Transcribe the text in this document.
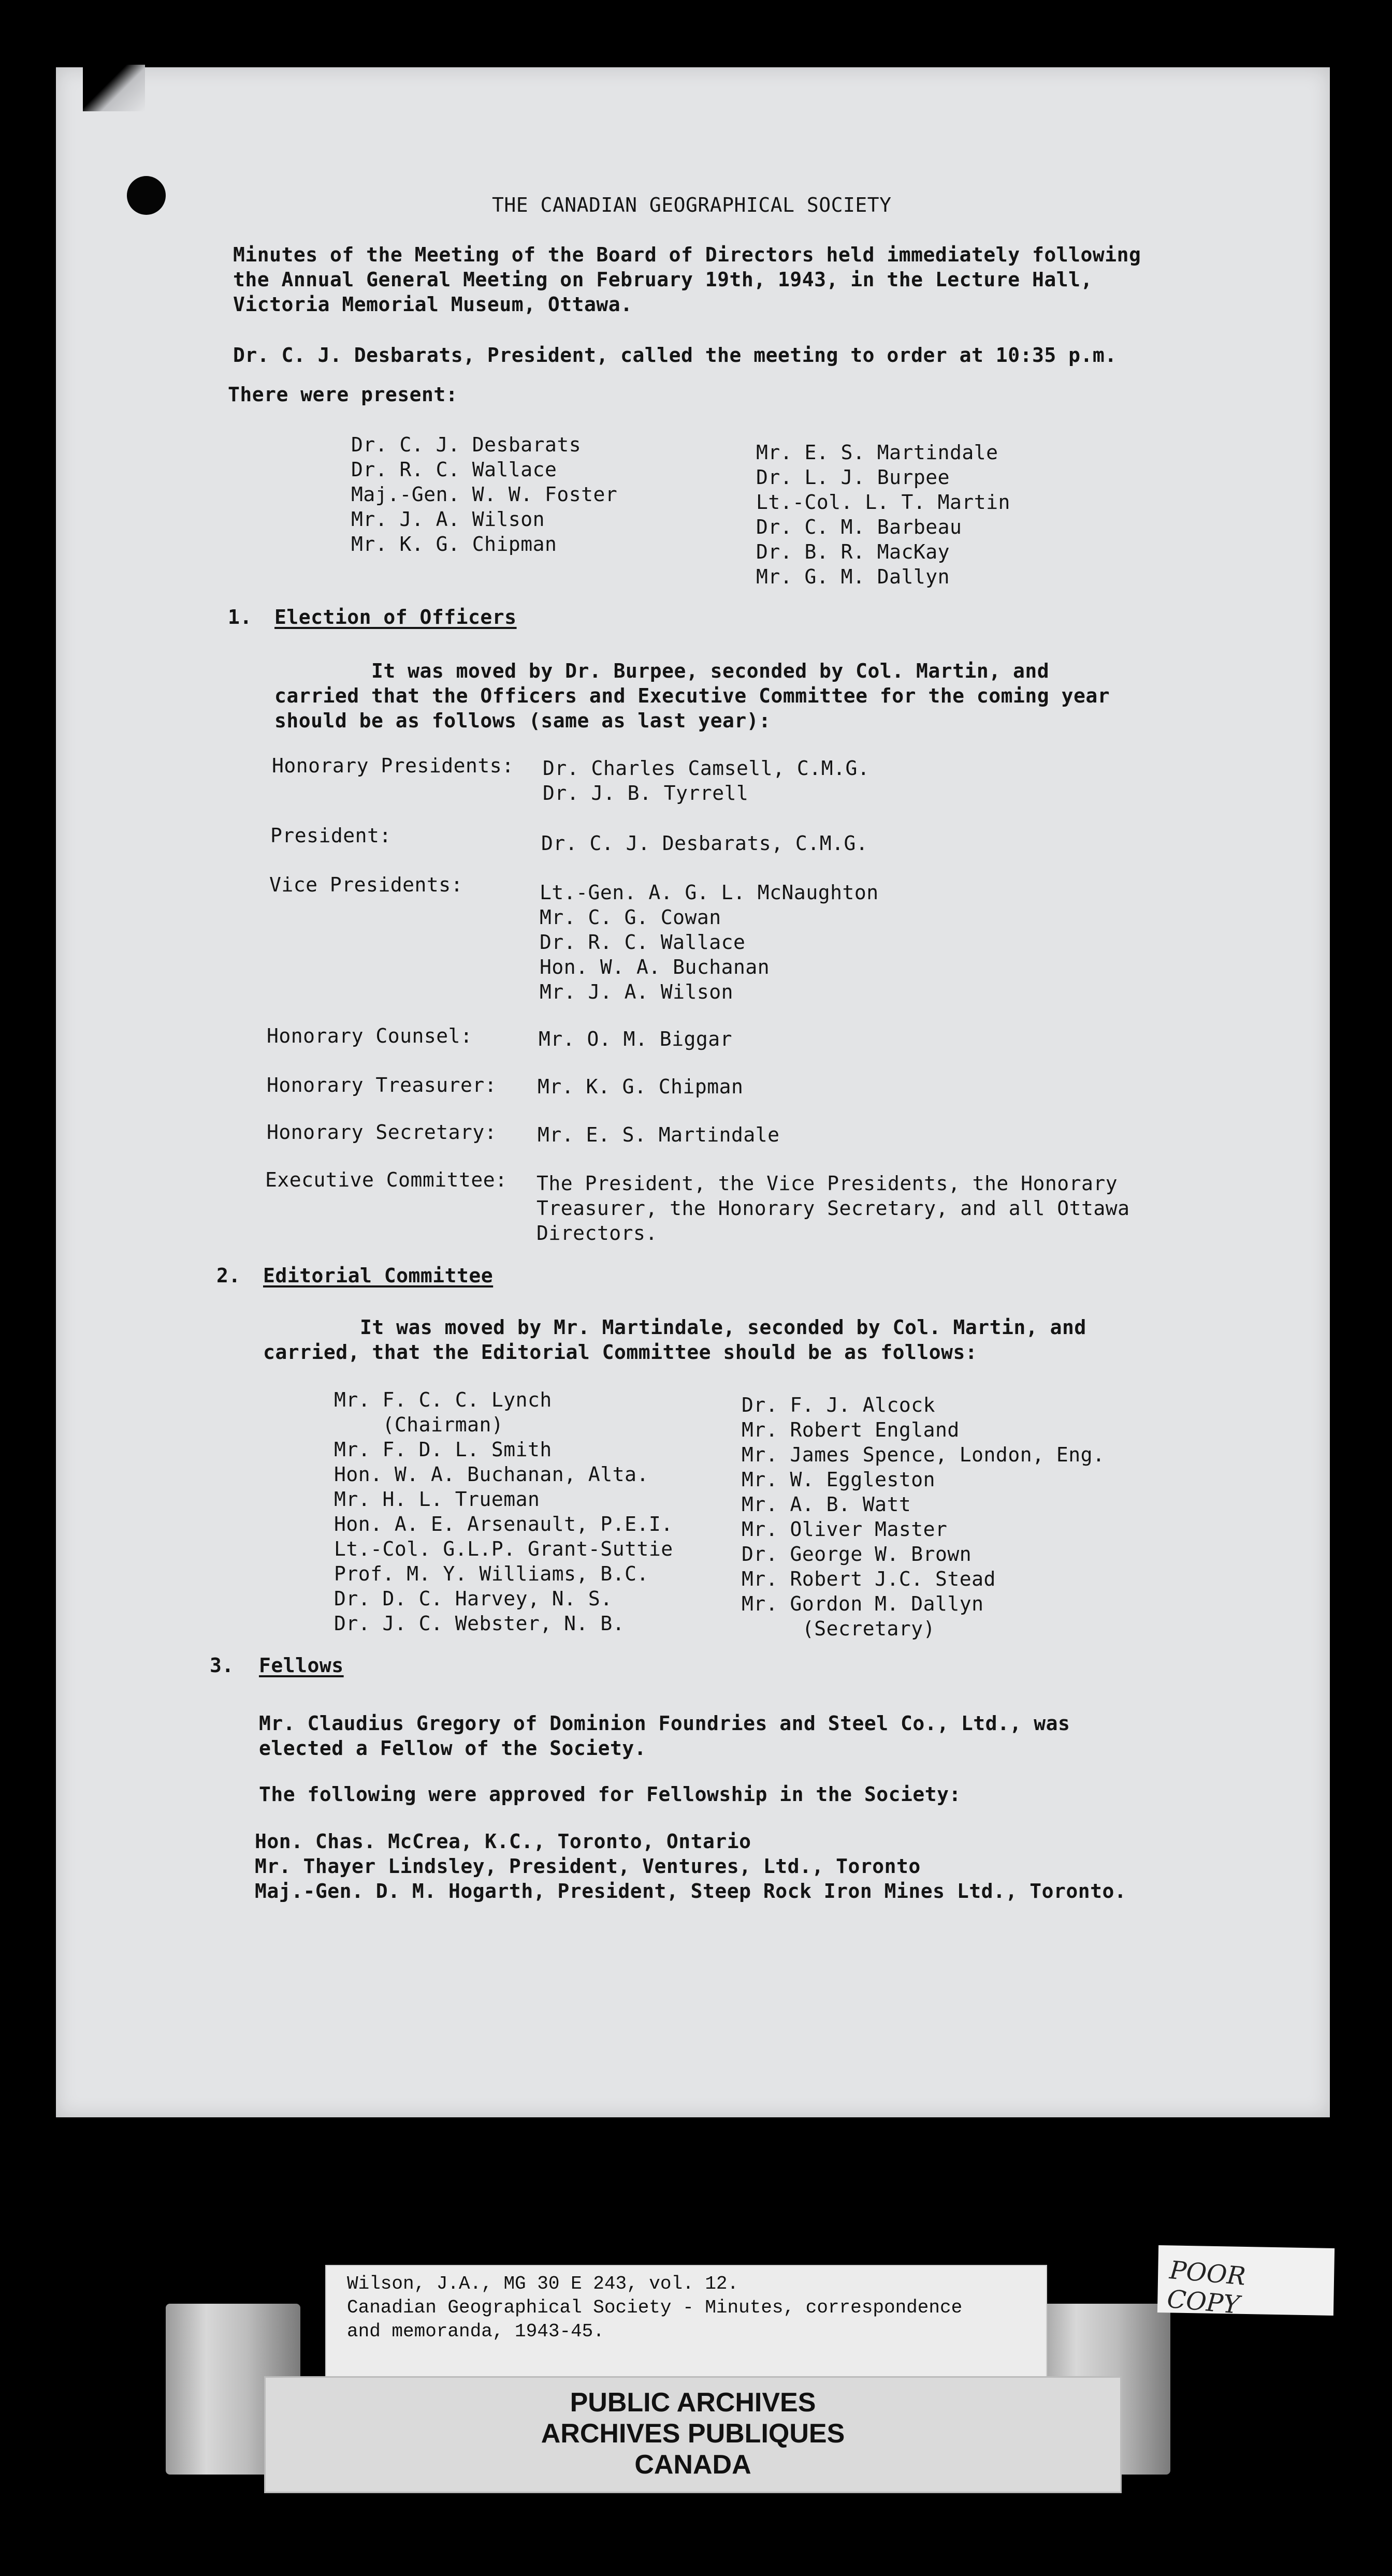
THE CANADIAN GEOGRAPHICAL SOCIETY
Minutes of the Meeting of the Board of Directors held immediately following
the Annual General Meeting on February 19th, 1943, in the Lecture Hall,
Victoria Memorial Museum, Ottawa.
Dr. C. J. Desbarats, President, called the meeting to order at 10:35 p.m.
There were present:
Dr. C. J. Desbarats
Dr. R. C. Wallace
Maj.-Gen. W. W. Foster
Mr. J. A. Wilson
Mr. K. G. Chipman
Mr. E. S. Martindale
Dr. L. J. Burpee
Lt.-Col. L. T. Martin
Dr. C. M. Barbeau
Dr. B. R. MacKay
Mr. G. M. Dallyn
1. Election of Officers
It was moved by Dr. Burpee, seconded by Col. Martin, and
carried that the Officers and Executive Committee for the coming year
should be as follows (same as last year):
Honorary Presidents: Dr. Charles Camsell, C.M.G.
Dr. J. B. Tyrrell
President:	Dr. C. J. Desbarats, C.M.G.
Vice Presidents:	Lt.-Gen. A. G. L. McNaughton
Mr. C. G. Cowan
Dr. R. C. Wallace
Hon. W. A. Buchanan
Mr. J. A. Wilson
Honorary Counsel:	Mr. O. M. Biggar
Honorary Treasurer: Mr. K. G. Chipman
Honorary Secretary: Mr. E. S. Martindale
Executive Committee: The President, the Vice Presidents, the Honorary
Treasurer, the Honorary Secretary, and all Ottawa
Directors.
2. Editorial Committee
It was moved by Mr. Martindale, seconded by Col. Martin, and
carried, that the Editorial Committee should be as follows:
Mr. F. C. C. Lynch
(Chairman)
Mr. F. D. L. Smith
Hon. W. A. Buchanan, Alta.
Mr. H. L. Trueman
Hon. A. E. Arsenault, P.E.I.
Lt.-Col. G.L.P. Grant-Suttie
Prof. M. Y. Williams, B.C.
Dr. D. C. Harvey, N. S.
Dr. J. C. Webster, N. B.
Dr. F. J. Alcock
Mr. Robert England
Mr. James Spence, London, Eng.
Mr. W. Eggleston
Mr. A. B. Watt
Mr. Oliver Master
Dr. George W. Brown
Mr. Robert J.C. Stead
Mr. Gordon M. Dallyn
(Secretary)
3. Fellows
Mr. Claudius Gregory of Dominion Foundries and Steel Co., Ltd., was
elected a Fellow of the Society.
The following were approved for Fellowship in the Society:
Hon. Chas. McCrea, K.C., Toronto, Ontario
Mr. Thayer Lindsley, President, Ventures, Ltd., Toronto
Maj.-Gen. D. M. Hogarth, President, Steep Rock Iron Mines Ltd., Toronto.
Wilson, J.A., MG 30 E 243, vol. 12.
Canadian Geographical Society - Minutes, correspondence
and memoranda, 1943-45.
POOR COPY
PUBLIC ARCHIVES
ARCHIVES PUBLIQUES
CANADA
